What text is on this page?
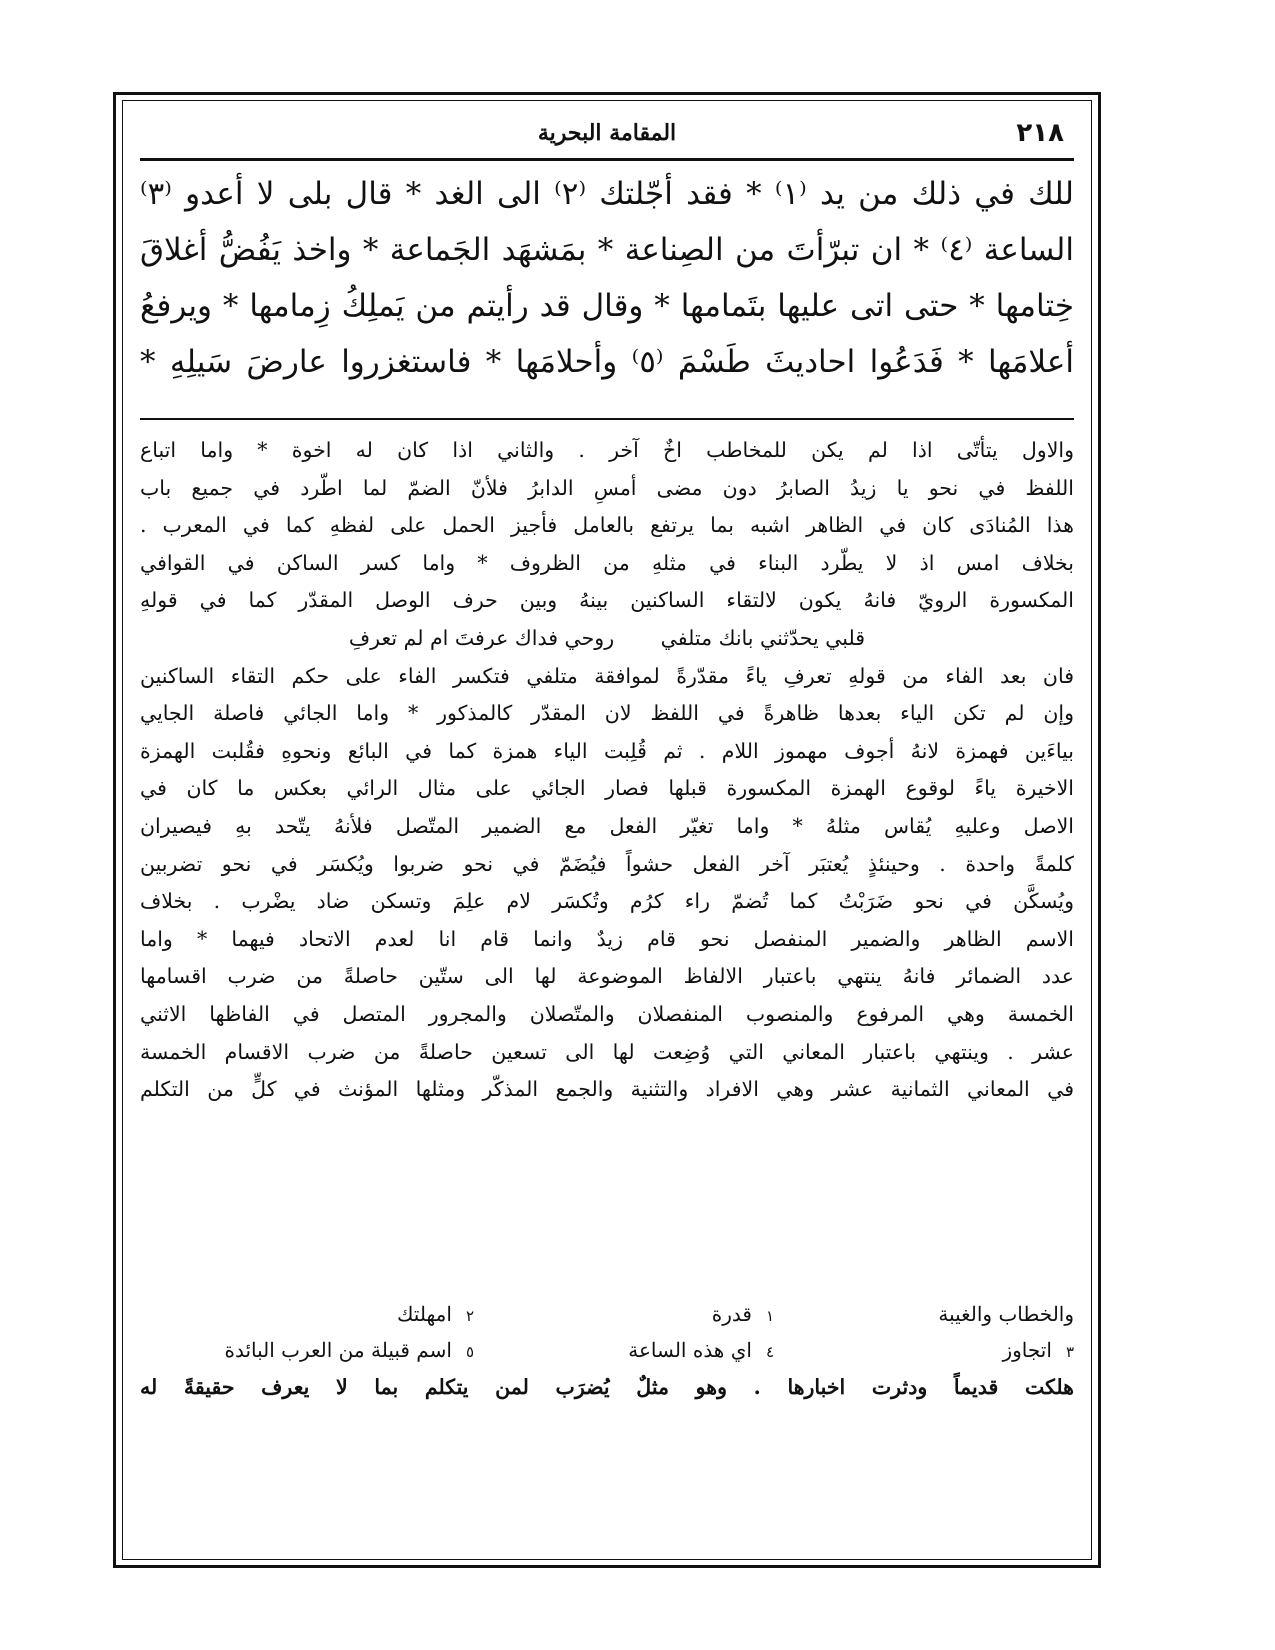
٢١٨
المقامة البحرية
للك في ذلك من يد ⁽١⁾ * فقد أجّلتك ⁽٢⁾ الى الغد * قال بلى لا أعدو ⁽٣⁾
الساعة ⁽٤⁾ * ان تبرّأتَ من الصِناعة * بمَشهَد الجَماعة * واخذ يَفُضُّ أغلاقَ
خِتامها * حتى اتى عليها بتَمامها * وقال قد رأيتم من يَملِكُ زِمامها * ويرفعُ
أعلامَها * فَدَعُوا احاديثَ طَسْمَ ⁽٥⁾ وأحلامَها * فاستغزروا عارضَ سَيلِهِ *
والاول يتأتّى اذا لم يكن للمخاطب اخٌ آخر . والثاني اذا كان له اخوة * واما اتباع
اللفظ في نحو يا زيدُ الصابرُ دون مضى أمسِ الدابرُ فلأنّ الضمّ لما اطّرد في جميع باب
هذا المُنادَى كان في الظاهر اشبه بما يرتفع بالعامل فأجيز الحمل على لفظهِ كما في المعرب .
بخلاف امس اذ لا يطّرد البناء في مثلهِ من الظروف * واما كسر الساكن في القوافي
المكسورة الرويّ فانهُ يكون لالتقاء الساكنين بينهُ وبين حرف الوصل المقدّر كما في قولهِ
قلبي يحدّثني بانك متلفي روحي فداك عرفتَ ام لم تعرفِ
فان بعد الفاء من قولهِ تعرفِ ياءً مقدّرةً لموافقة متلفي فتكسر الفاء على حكم التقاء الساكنين
وإن لم تكن الياء بعدها ظاهرةً في اللفظ لان المقدّر كالمذكور * واما الجائي فاصلة الجايي
بياءَين فهمزة لانهُ أجوف مهموز اللام . ثم قُلِبت الياء همزة كما في البائع ونحوهِ فقُلبت الهمزة
الاخيرة ياءً لوقوع الهمزة المكسورة قبلها فصار الجائي على مثال الرائي بعكس ما كان في
الاصل وعليهِ يُقاس مثلهُ * واما تغيّر الفعل مع الضمير المتّصل فلأنهُ يتّحد بهِ فيصيران
كلمةً واحدة . وحينئذٍ يُعتبَر آخر الفعل حشواً فيُضَمّ في نحو ضربوا ويُكسَر في نحو تضربين
ويُسكَّن في نحو ضَرَبْتُ كما تُضمّ راء كرُم وتُكسَر لام علِمَ وتسكن ضاد يضْرب . بخلاف
الاسم الظاهر والضمير المنفصل نحو قام زيدٌ وانما قام انا لعدم الاتحاد فيهما * واما
عدد الضمائر فانهُ ينتهي باعتبار الالفاظ الموضوعة لها الى ستّين حاصلةً من ضرب اقسامها
الخمسة وهي المرفوع والمنصوب المنفصلان والمتّصلان والمجرور المتصل في الفاظها الاثني
عشر . وينتهي باعتبار المعاني التي وُضِعت لها الى تسعين حاصلةً من ضرب الاقسام الخمسة
في المعاني الثمانية عشر وهي الافراد والتثنية والجمع المذكّر ومثلها المؤنث في كلٍّ من التكلم
والخطاب والغيبة
١قدرة
٢امهلتك
٣اتجاوز
٤اي هذه الساعة
٥اسم قبيلة من العرب البائدة
هلكت قديماً ودثرت اخبارها . وهو مثلٌ يُضرَب لمن يتكلم بما لا يعرف حقيقةً له
